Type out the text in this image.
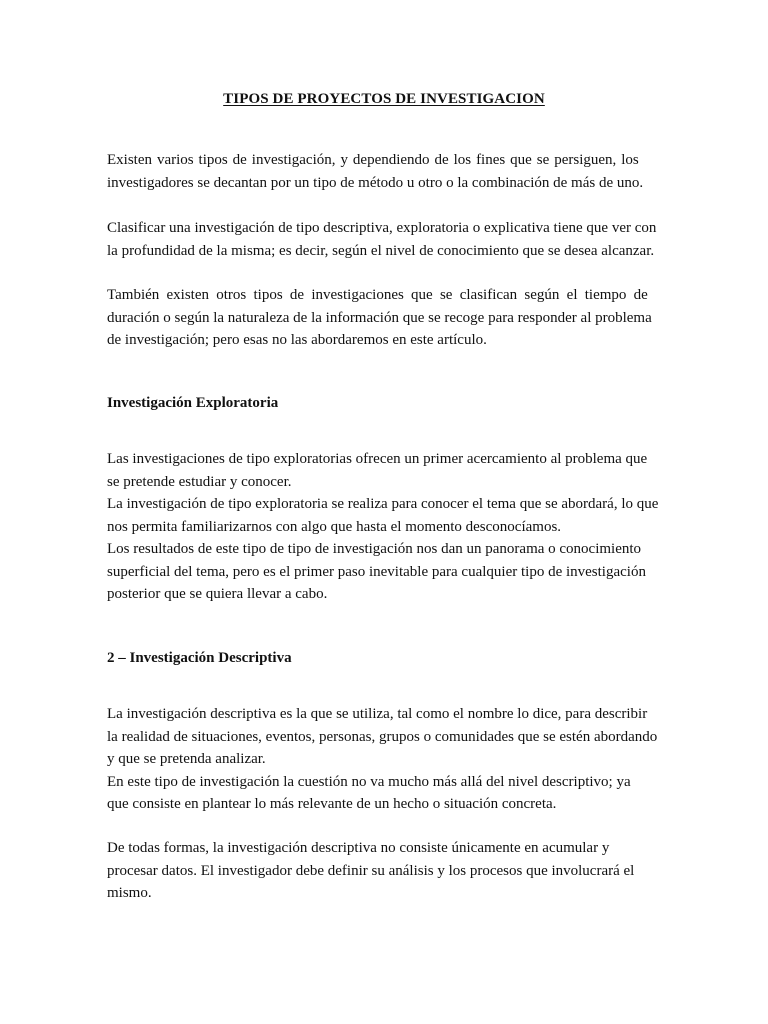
TIPOS DE PROYECTOS DE INVESTIGACION
Existen varios tipos de investigación, y dependiendo de los fines que se persiguen, los
investigadores se decantan por un tipo de método u otro o la combinación de más de uno.
Clasificar una investigación de tipo descriptiva, exploratoria o explicativa tiene que ver con
la profundidad de la misma; es decir, según el nivel de conocimiento que se desea alcanzar.
También existen otros tipos de investigaciones que se clasifican según el tiempo de
duración o según la naturaleza de la información que se recoge para responder al problema
de investigación; pero esas no las abordaremos en este artículo.
Investigación Exploratoria
Las investigaciones de tipo exploratorias ofrecen un primer acercamiento al problema que
se pretende estudiar y conocer.
La investigación de tipo exploratoria se realiza para conocer el tema que se abordará, lo que
nos permita familiarizarnos con algo que hasta el momento desconocíamos.
Los resultados de este tipo de tipo de investigación nos dan un panorama o conocimiento
superficial del tema, pero es el primer paso inevitable para cualquier tipo de investigación
posterior que se quiera llevar a cabo.
2 – Investigación Descriptiva
La investigación descriptiva es la que se utiliza, tal como el nombre lo dice, para describir
la realidad de situaciones, eventos, personas, grupos o comunidades que se estén abordando
y que se pretenda analizar.
En este tipo de investigación la cuestión no va mucho más allá del nivel descriptivo; ya
que consiste en plantear lo más relevante de un hecho o situación concreta.
De todas formas, la investigación descriptiva no consiste únicamente en acumular y
procesar datos. El investigador debe definir su análisis y los procesos que involucrará el
mismo.
